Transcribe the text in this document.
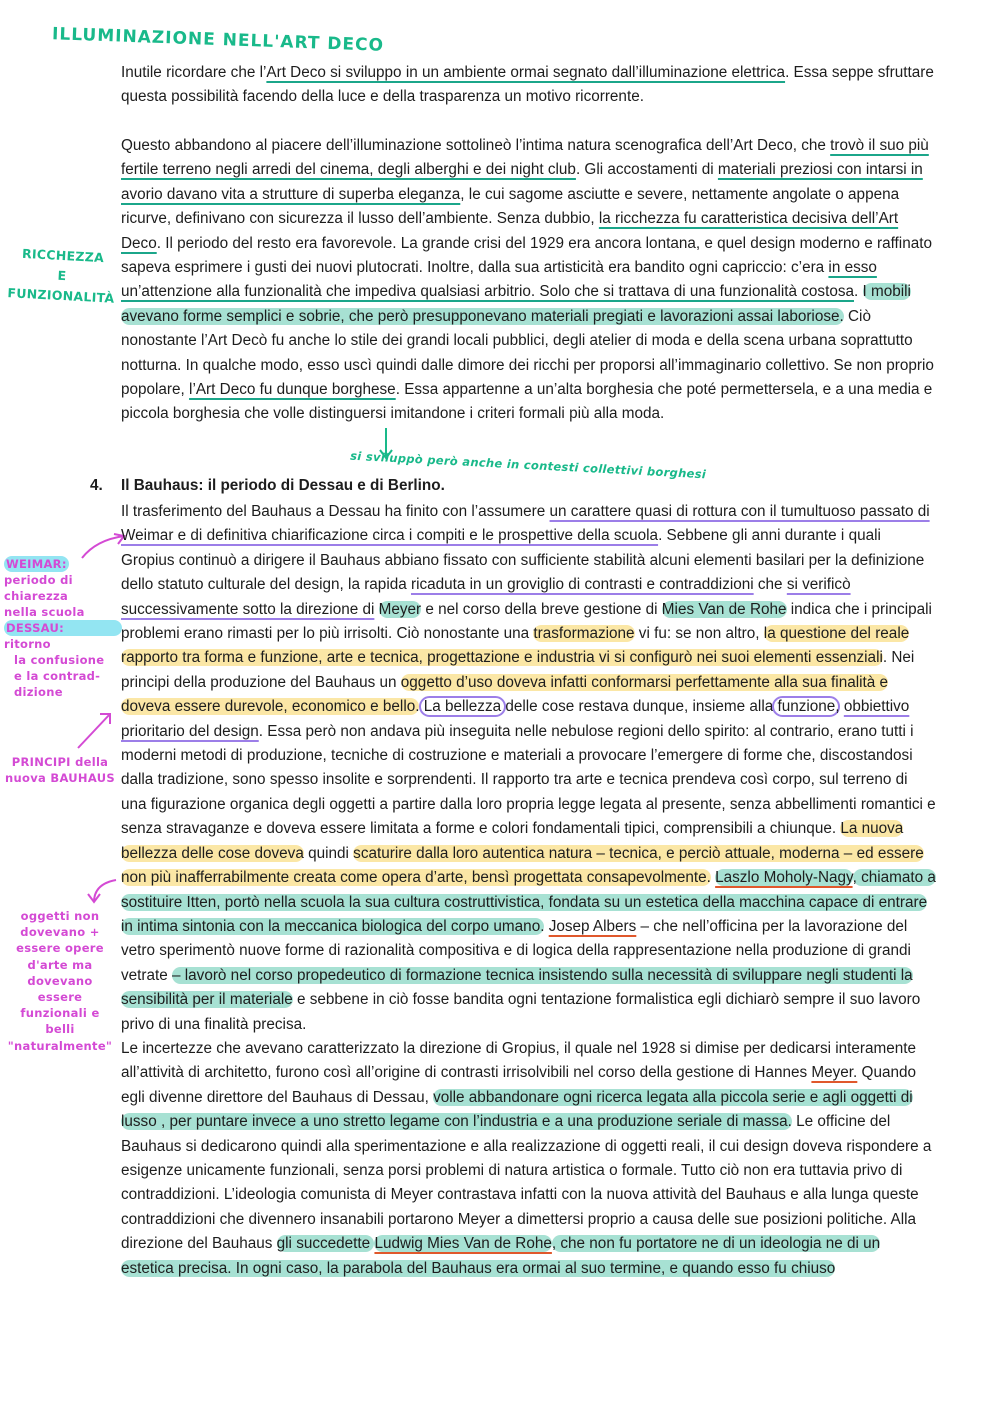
ILLUMINAZIONE NELL'ART DECO
RICCHEZZA
E
FUNZIONALITÀ
si sviluppò però anche in contesti collettivi borghesi
WEIMAR:
periodo di
chiarezza
nella scuola
DESSAU:
ritorno
la confusione
e la contrad-
dizione
PRINCIPI della
nuova BAUHAUS
oggetti non
dovevano +
essere opere
d'arte ma
dovevano
essere
funzionali e
belli
"naturalmente"

Inutile ricordare che l’Art Deco si sviluppo in un ambiente ormai segnato dall’illuminazione elettrica. Essa seppe sfruttare questa possibilità facendo della luce e della trasparenza un motivo ricorrente.

Questo abbandono al piacere dell’illuminazione sottolineò l’intima natura scenografica dell’Art Deco, che trovò il suo più fertile terreno negli arredi del cinema, degli alberghi e dei night club. Gli accostamenti di materiali preziosi con intarsi in avorio davano vita a strutture di superba eleganza, le cui sagome asciutte e severe, nettamente angolate o appena ricurve, definivano con sicurezza il lusso dell’ambiente. Senza dubbio, la ricchezza fu caratteristica decisiva dell’Art Deco. Il periodo del resto era favorevole. La grande crisi del 1929 era ancora lontana, e quel design moderno e raffinato sapeva esprimere i gusti dei nuovi plutocrati. Inoltre, dalla sua artisticità era bandito ogni capriccio: c’era in esso un’attenzione alla funzionalità che impediva qualsiasi arbitrio. Solo che si trattava di una funzionalità costosa. I mobili avevano forme semplici e sobrie, che però presupponevano materiali pregiati e lavorazioni assai laboriose. Ciò nonostante l’Art Decò fu anche lo stile dei grandi locali pubblici, degli atelier di moda e della scena urbana soprattutto notturna. In qualche modo, esso uscì quindi dalle dimore dei ricchi per proporsi all’immaginario collettivo. Se non proprio popolare, l’Art Deco fu dunque borghese. Essa appartenne a un’alta borghesia che poté permettersela, e a una media e piccola borghesia che volle distinguersi imitandone i criteri formali più alla moda.

4. Il Bauhaus: il periodo di Dessau e di Berlino.

Il trasferimento del Bauhaus a Dessau ha finito con l’assumere un carattere quasi di rottura con il tumultuoso passato di Weimar e di definitiva chiarificazione circa i compiti e le prospettive della scuola. Sebbene gli anni durante i quali Gropius continuò a dirigere il Bauhaus abbiano fissato con sufficiente stabilità alcuni elementi basilari per la definizione dello statuto culturale del design, la rapida ricaduta in un groviglio di contrasti e contraddizioni che si verificò successivamente sotto la direzione di Meyer e nel corso della breve gestione di Mies Van de Rohe indica che i principali problemi erano rimasti per lo più irrisolti. Ciò nonostante una trasformazione vi fu: se non altro, la questione del reale rapporto tra forma e funzione, arte e tecnica, progettazione e industria vi si configurò nei suoi elementi essenziali. Nei principi della produzione del Bauhaus un oggetto d’uso doveva infatti conformarsi perfettamente alla sua finalità e doveva essere durevole, economico e bello. La bellezza delle cose restava dunque, insieme alla funzione, obbiettivo prioritario del design. Essa però non andava più inseguita nelle nebulose regioni dello spirito: al contrario, erano tutti i moderni metodi di produzione, tecniche di costruzione e materiali a provocare l’emergere di forme che, discostandosi dalla tradizione, sono spesso insolite e sorprendenti. Il rapporto tra arte e tecnica prendeva così corpo, sul terreno di una figurazione organica degli oggetti a partire dalla loro propria legge legata al presente, senza abbellimenti romantici e senza stravaganze e doveva essere limitata a forme e colori fondamentali tipici, comprensibili a chiunque. La nuova bellezza delle cose doveva quindi scaturire dalla loro autentica natura – tecnica, e perciò attuale, moderna – ed essere non più inafferrabilmente creata come opera d’arte, bensì progettata consapevolmente. Laszlo Moholy-Nagy, chiamato a sostituire Itten, portò nella scuola la sua cultura costruttivistica, fondata su un estetica della macchina capace di entrare in intima sintonia con la meccanica biologica del corpo umano. Josep Albers – che nell’officina per la lavorazione del vetro sperimentò nuove forme di razionalità compositiva e di logica della rappresentazione nella produzione di grandi vetrate – lavorò nel corso propedeutico di formazione tecnica insistendo sulla necessità di sviluppare negli studenti la sensibilità per il materiale e sebbene in ciò fosse bandita ogni tentazione formalistica egli dichiarò sempre il suo lavoro privo di una finalità precisa.

Le incertezze che avevano caratterizzato la direzione di Gropius, il quale nel 1928 si dimise per dedicarsi interamente all’attività di architetto, furono così all’origine di contrasti irrisolvibili nel corso della gestione di Hannes Meyer. Quando egli divenne direttore del Bauhaus di Dessau, volle abbandonare ogni ricerca legata alla piccola serie e agli oggetti di lusso , per puntare invece a uno stretto legame con l’industria e a una produzione seriale di massa. Le officine del Bauhaus si dedicarono quindi alla sperimentazione e alla realizzazione di oggetti reali, il cui design doveva rispondere a esigenze unicamente funzionali, senza porsi problemi di natura artistica o formale. Tutto ciò non era tuttavia privo di contraddizioni. L’ideologia comunista di Meyer contrastava infatti con la nuova attività del Bauhaus e alla lunga queste contraddizioni che divennero insanabili portarono Meyer a dimettersi proprio a causa delle sue posizioni politiche. Alla direzione del Bauhaus gli succedette Ludwig Mies Van de Rohe, che non fu portatore ne di un ideologia ne di un estetica precisa. In ogni caso, la parabola del Bauhaus era ormai al suo termine, e quando esso fu chiuso
